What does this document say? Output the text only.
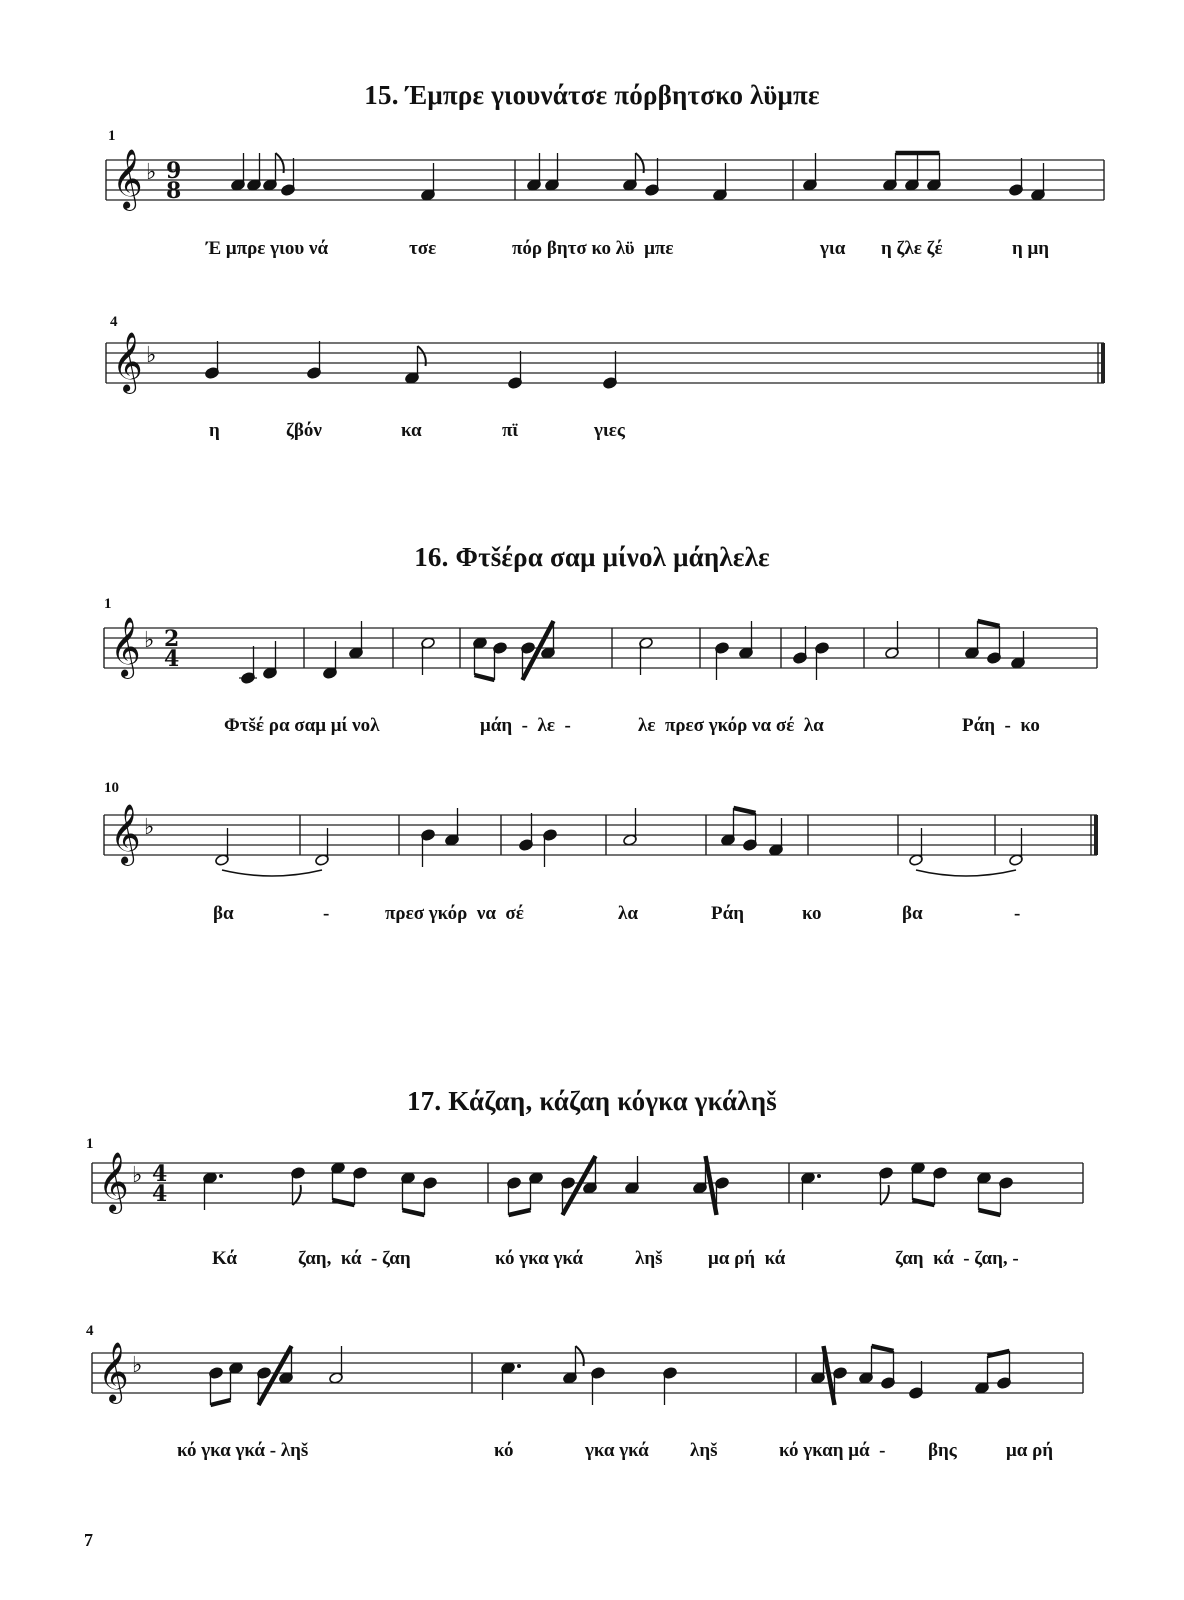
15. Έμπρε γιουνάτσε πόρβητσκο λϋμπε
1
𝄞 ♭ 9
8
Έ μπρε γιου νά	τσε	πόρ βητσ κο λϋ  μπε	για η ζλε ζέ	η μη
4
𝄞 ♭
η	ζβόν	κα	πϊ	γιες
16. Φτšέρα σαμ μίνολ μάηλελε
1
𝄞 ♭ 2
4
Φτšέ ρα σαμ μί νολ	μάη  -  λε  -	λε  πρεσ γκόρ να σέ  λα	Ράη  -  κο
10
𝄞 ♭
βα	-	πρεσ γκόρ  να  σέ	λα	Ράη	κο	βα	-
17. Κάζαη, κάζαη κόγκα γκάληš
1
𝄞 ♭ 4
4
Κά	ζαη,  κά  - ζαη	κό γκα γκά	ληš μα ρή  κά	ζαη  κά  - ζαη, -
4
𝄞 ♭
κό γκα γκά - ληš	κό	γκα γκά ληš	κό γκαη μά  - βης	μα ρή
7
